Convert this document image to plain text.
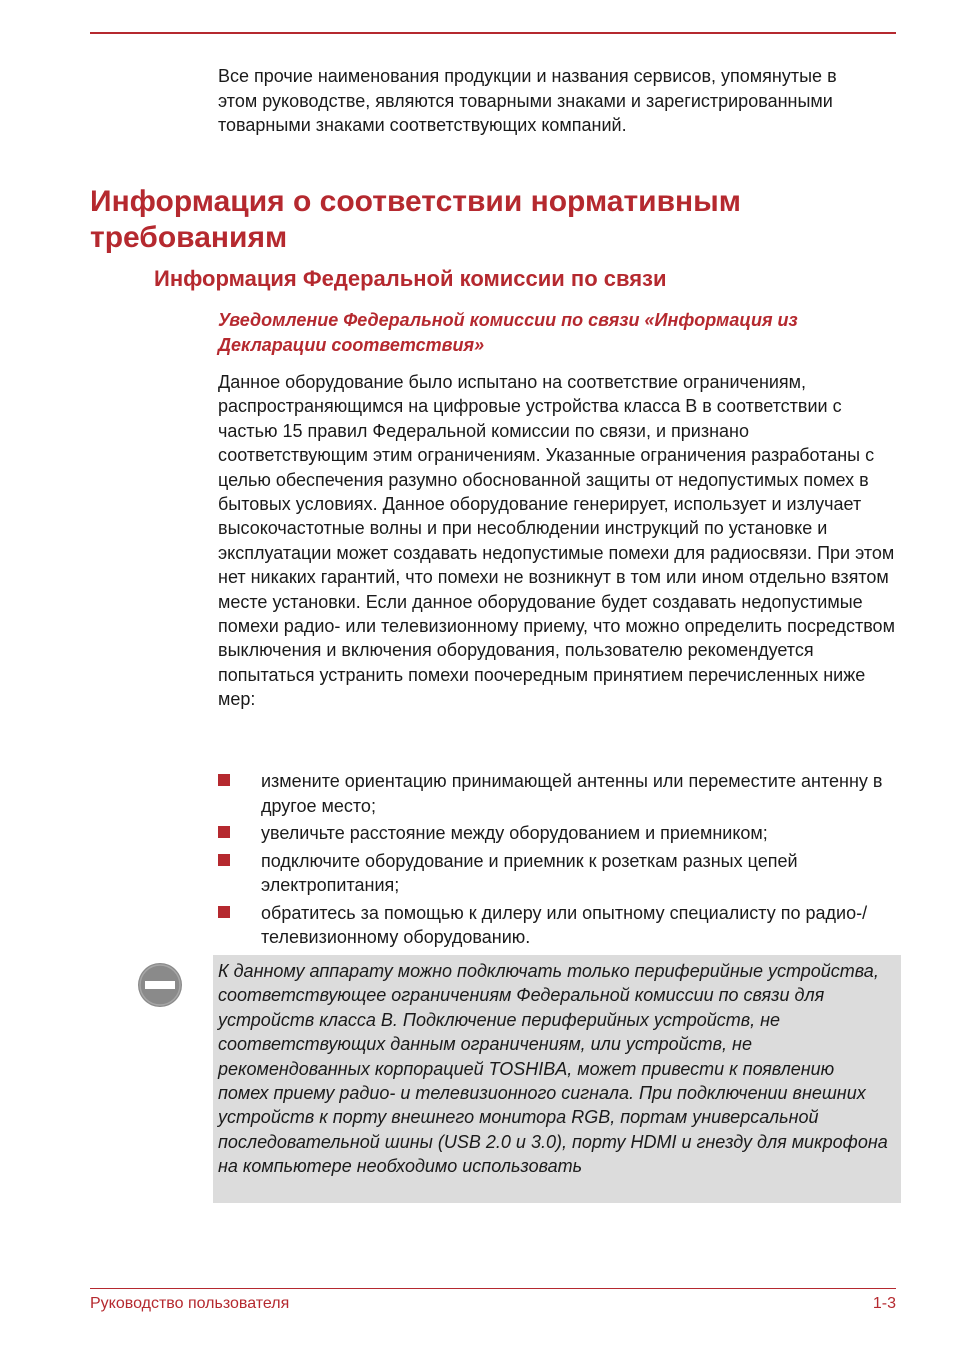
Все прочие наименования продукции и названия сервисов, упомянутые в этом руководстве, являются товарными знаками и зарегистрированными товарными знаками соответствующих компаний.

Информация о соответствии нормативным требованиям
Информация Федеральной комиссии по связи
Уведомление Федеральной комиссии по связи «Информация из Декларации соответствия»

Данное оборудование было испытано на соответствие ограничениям, распространяющимся на цифровые устройства класса B в соответствии с частью 15 правил Федеральной комиссии по связи, и признано соответствующим этим ограничениям. Указанные ограничения разработаны с целью обеспечения разумно обоснованной защиты от недопустимых помех в бытовых условиях. Данное оборудование генерирует, использует и излучает высокочастотные волны и при несоблюдении инструкций по установке и эксплуатации может создавать недопустимые помехи для радиосвязи. При этом нет никаких гарантий, что помехи не возникнут в том или ином отдельно взятом месте установки. Если данное оборудование будет создавать недопустимые помехи радио- или телевизионному приему, что можно определить посредством выключения и включения оборудования, пользователю рекомендуется попытаться устранить помехи поочередным принятием перечисленных ниже мер:

измените ориентацию принимающей антенны или переместите антенну в другое место;
увеличьте расстояние между оборудованием и приемником;
подключите оборудование и приемник к розеткам разных цепей электропитания;
обратитесь за помощью к дилеру или опытному специалисту по радио-/телевизионному оборудованию.

К данному аппарату можно подключать только периферийные устройства, соответствующее ограничениям Федеральной комиссии по связи для устройств класса B. Подключение периферийных устройств, не соответствующих данным ограничениям, или устройств, не рекомендованных корпорацией TOSHIBA, может привести к появлению помех приему радио- и телевизионного сигнала. При подключении внешних устройств к порту внешнего монитора RGB, портам универсальной последовательной шины (USB 2.0 и 3.0), порту HDMI и гнезду для микрофона на компьютере необходимо использовать

Руководство пользователя	1-3
